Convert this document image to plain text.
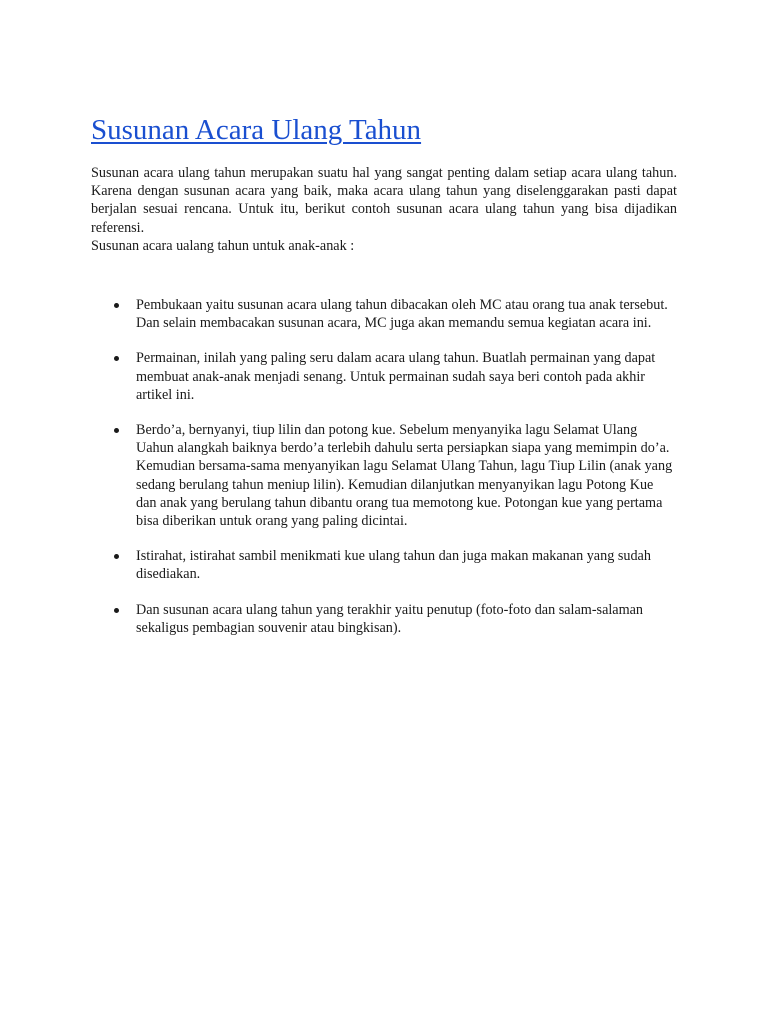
Susunan Acara Ulang Tahun

Susunan acara ulang tahun merupakan suatu hal yang sangat penting dalam setiap acara ulang tahun. Karena dengan susunan acara yang baik, maka acara ulang tahun yang diselenggarakan pasti dapat berjalan sesuai rencana. Untuk itu, berikut contoh susunan acara ulang tahun yang bisa dijadikan referensi.

Susunan acara ualang tahun untuk anak-anak :

Pembukaan yaitu susunan acara ulang tahun dibacakan oleh MC atau orang tua anak tersebut. Dan selain membacakan susunan acara, MC juga akan memandu semua kegiatan acara ini.
Permainan, inilah yang paling seru dalam acara ulang tahun. Buatlah permainan yang dapat membuat anak-anak menjadi senang. Untuk permainan sudah saya beri contoh pada akhir artikel ini.
Berdo’a, bernyanyi, tiup lilin dan potong kue. Sebelum menyanyika lagu Selamat Ulang Uahun alangkah baiknya berdo’a terlebih dahulu serta persiapkan siapa yang memimpin do’a. Kemudian bersama-sama menyanyikan lagu Selamat Ulang Tahun, lagu Tiup Lilin (anak yang sedang berulang tahun meniup lilin). Kemudian dilanjutkan menyanyikan lagu Potong Kue dan anak yang berulang tahun dibantu orang tua memotong kue. Potongan kue yang pertama bisa diberikan untuk orang yang paling dicintai.
Istirahat, istirahat sambil menikmati kue ulang tahun dan juga makan makanan yang sudah disediakan.
Dan susunan acara ulang tahun yang terakhir yaitu penutup (foto-foto dan salam-salaman sekaligus pembagian souvenir atau bingkisan).
